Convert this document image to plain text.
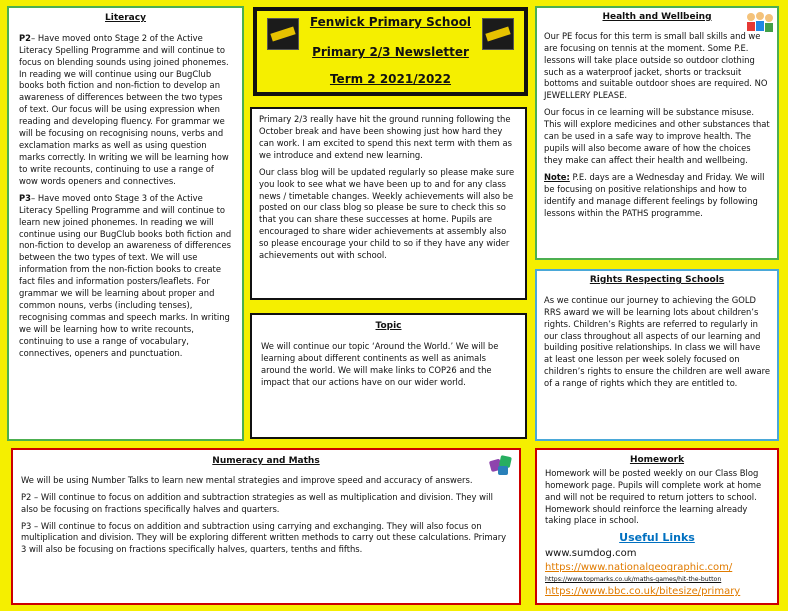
Literacy

P2– Have moved onto Stage 2 of the Active Literacy Spelling Programme and will continue to focus on blending sounds using joined phonemes. In reading we will continue using our BugClub books both fiction and non-fiction to develop an awareness of differences between the two types of text. Our focus will be using expression when reading and developing fluency. For grammar we will be focusing on recognising nouns, verbs and exclamation marks as well as using question marks correctly. In writing we will be learning how to write recounts, continuing to use a range of wow words openers and connectives.

P3– Have moved onto Stage 3 of the Active Literacy Spelling Programme and will continue to learn new joined phonemes. In reading we will continue using our BugClub books both fiction and non-fiction to develop an awareness of differences between the two types of text. We will use information from the non-fiction books to create fact files and information posters/leaflets. For grammar we will be learning about proper and common nouns, verbs (including tenses), recognising commas and speech marks. In writing we will be learning how to write recounts, continuing to use a range of vocabulary, connectives, openers and punctuation.

Fenwick Primary School
Primary 2/3 Newsletter
Term 2 2021/2022

Primary 2/3 really have hit the ground running following the October break and have been showing just how hard they can work. I am excited to spend this next term with them as we introduce and extend new learning.

Our class blog will be updated regularly so please make sure you look to see what we have been up to and for any class news / timetable changes. Weekly achievements will also be posted on our class blog so please be sure to check this so that you can share these successes at home. Pupils are encouraged to share wider achievements at assembly also so please encourage your child to so if they have any wider achievements out with school.

Topic

We will continue our topic ‘Around the World.’ We will be learning about different continents as well as animals around the world. We will make links to COP26 and the impact that our actions have on our wider world.

Health and Wellbeing

Our PE focus for this term is small ball skills and we are focusing on tennis at the moment. Some P.E. lessons will take place outside so outdoor clothing such as a waterproof jacket, shorts or tracksuit bottoms and suitable outdoor shoes are required. NO JEWELLERY PLEASE.

Our focus in ce learning will be substance misuse. This will explore medicines and other substances that can be used in a safe way to improve health. The pupils will also become aware of how the choices they make can affect their health and wellbeing.

Note: P.E. days are a Wednesday and Friday. We will be focusing on positive relationships and how to identify and manage different feelings by following lessons within the PATHS programme.

Rights Respecting Schools

As we continue our journey to achieving the GOLD RRS award we will be learning lots about children’s rights. Children’s Rights are referred to regularly in our class throughout all aspects of our learning and building positive relationships. In class we will have at least one lesson per week solely focused on children’s rights to ensure the children are well aware of a range of rights which they are entitled to.

Numeracy and Maths

We will be using Number Talks to learn new mental strategies and improve speed and accuracy of answers.

P2 – Will continue to focus on addition and subtraction strategies as well as multiplication and division. They will also be focusing on fractions specifically halves and quarters.

P3 – Will continue to focus on addition and subtraction using carrying and exchanging. They will also focus on multiplication and division. They will be exploring different written methods to carry out these calculations. Primary 3 will also be focusing on fractions specifically halves, quarters, tenths and fifths.

Homework

Homework will be posted weekly on our Class Blog homework page. Pupils will complete work at home and will not be required to return jotters to school. Homework should reinforce the learning already taking place in school.

Useful Links
www.sumdog.com
https://www.nationalgeographic.com/
https://www.topmarks.co.uk/maths-games/hit-the-button
https://www.bbc.co.uk/bitesize/primary
